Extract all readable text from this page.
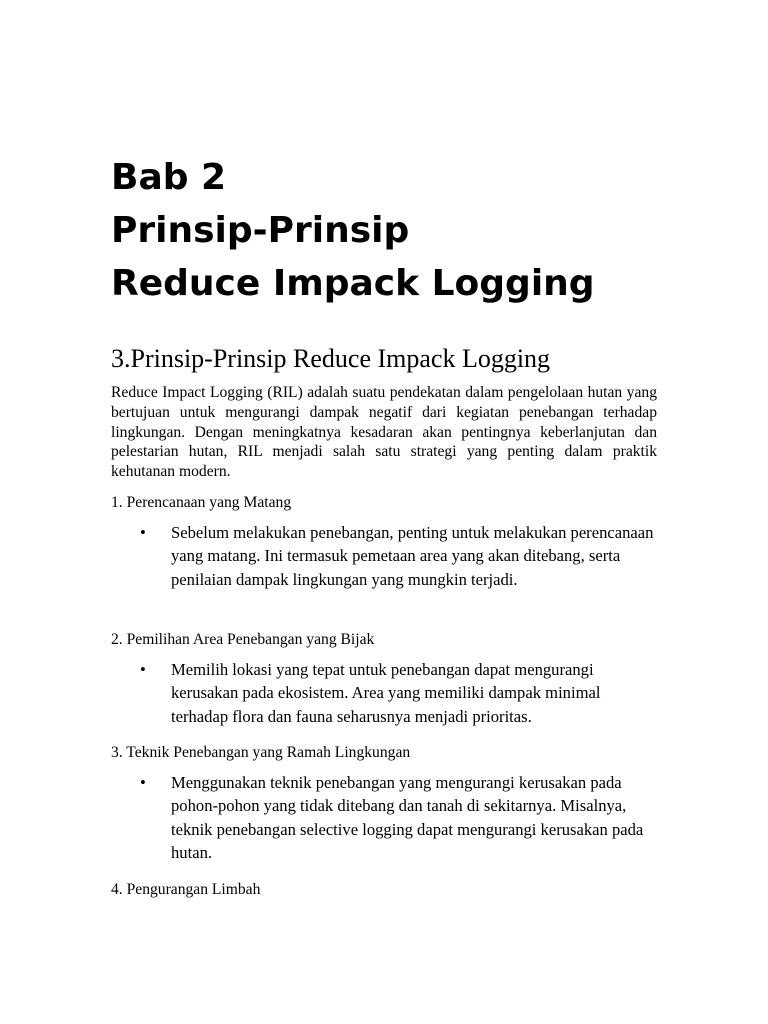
Bab 2
Prinsip-Prinsip
Reduce Impack Logging
3.Prinsip-Prinsip Reduce Impack Logging

Reduce Impact Logging (RIL) adalah suatu pendekatan dalam pengelolaan hutan yang bertujuan untuk mengurangi dampak negatif dari kegiatan penebangan terhadap lingkungan. Dengan meningkatnya kesadaran akan pentingnya keberlanjutan dan pelestarian hutan, RIL menjadi salah satu strategi yang penting dalam praktik kehutanan modern.

1. Perencanaan yang Matang

•	Sebelum melakukan penebangan, penting untuk melakukan perencanaan yang matang. Ini termasuk pemetaan area yang akan ditebang, serta penilaian dampak lingkungan yang mungkin terjadi.

2. Pemilihan Area Penebangan yang Bijak

•	Memilih lokasi yang tepat untuk penebangan dapat mengurangi kerusakan pada ekosistem. Area yang memiliki dampak minimal terhadap flora dan fauna seharusnya menjadi prioritas.

3. Teknik Penebangan yang Ramah Lingkungan

•	Menggunakan teknik penebangan yang mengurangi kerusakan pada pohon-pohon yang tidak ditebang dan tanah di sekitarnya. Misalnya, teknik penebangan selective logging dapat mengurangi kerusakan pada hutan.

4. Pengurangan Limbah
